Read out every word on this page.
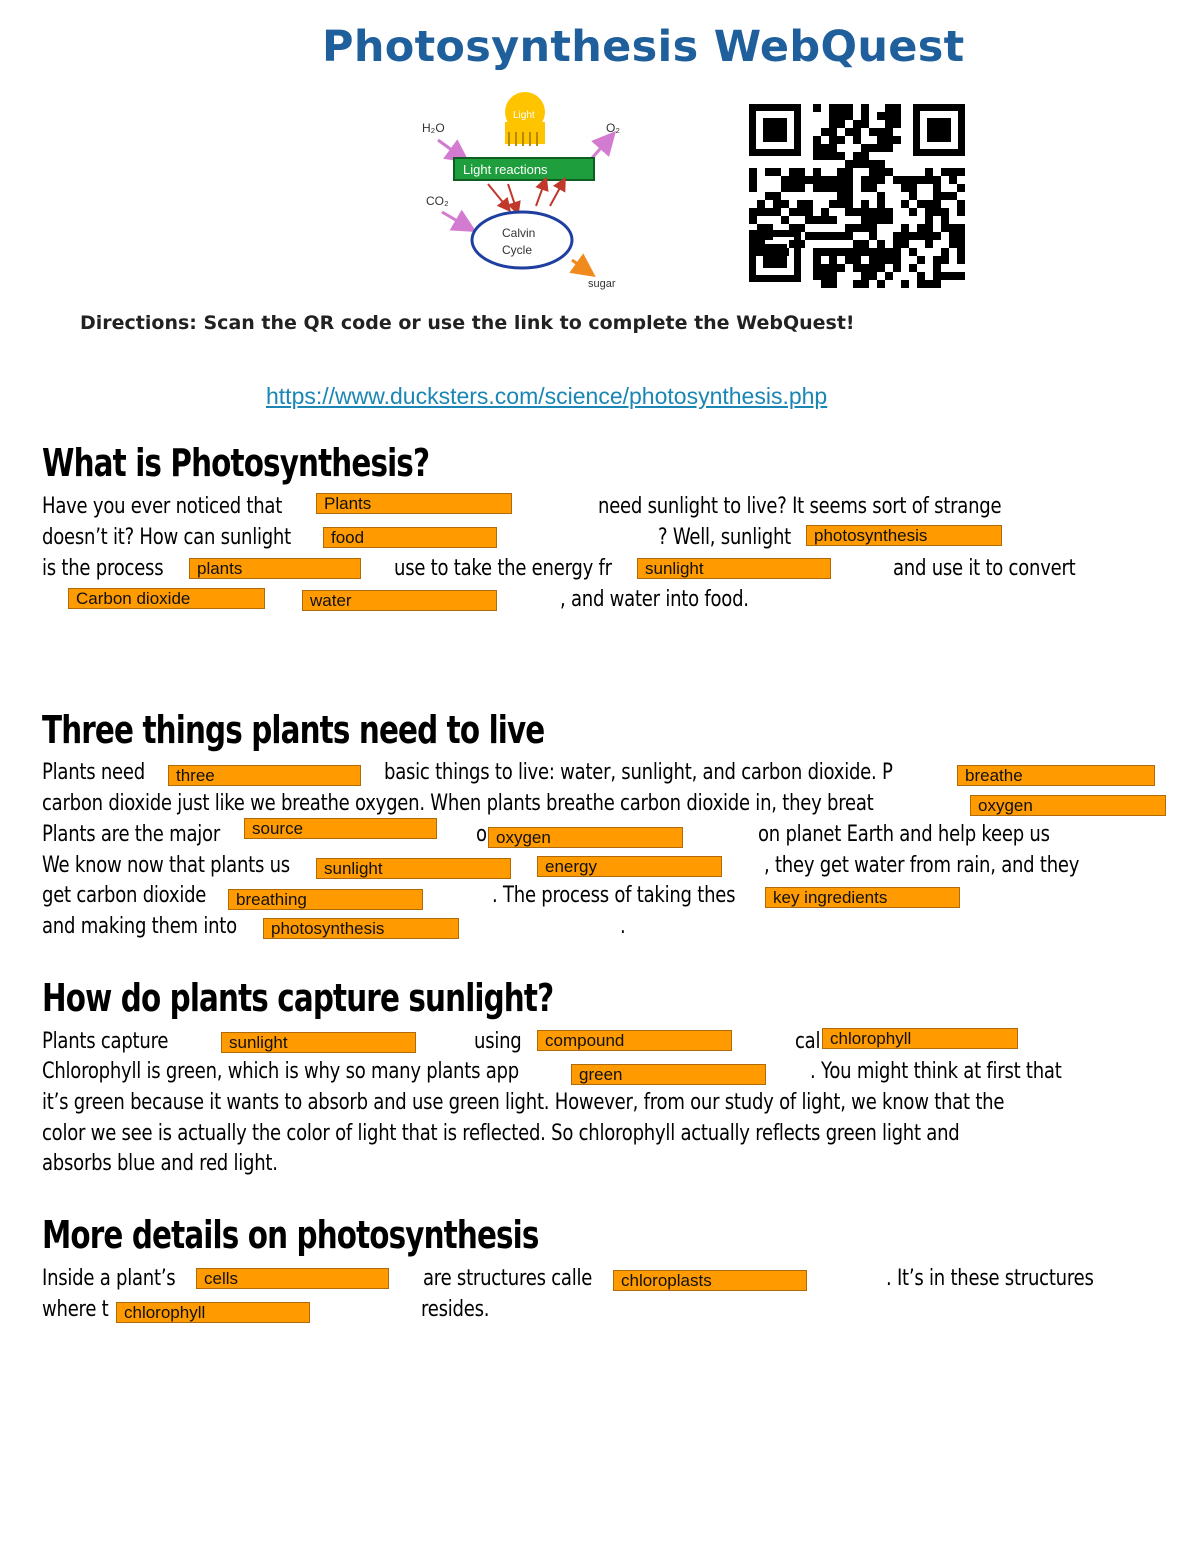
Photosynthesis WebQuest
Light
H₂O	O₂
Light reactions
CO₂
Calvin
Cycle
sugar
Directions: Scan the QR code or use the link to complete the WebQuest!
https://www.ducksters.com/science/photosynthesis.php
What is Photosynthesis?
Have you ever noticed that	need sunlight to live? It seems sort of strange
doesn’t it? How can sunlight	? Well, sunlight
is the process	use to take the energy fr	and use it to convert
, and water into food.
Plants
food	photosynthesis
plants	sunlight
Carbon dioxide	water
Three things plants need to live
Plants need	basic things to live: water, sunlight, and carbon dioxide. P
carbon dioxide just like we breathe oxygen. When plants breathe carbon dioxide in, they breat
Plants are the major	o	on planet Earth and help keep us
We know now that plants us	, they get water from rain, and they
get carbon dioxide	. The process of taking thes
and making them into	.
three	breathe
oxygen
source	oxygen
sunlight	energy
breathing	key ingredients
photosynthesis
How do plants capture sunlight?
Plants capture	using	cal
Chlorophyll is green, which is why so many plants app	. You might think at first that
it’s green because it wants to absorb and use green light. However, from our study of light, we know that the
color we see is actually the color of light that is reflected. So chlorophyll actually reflects green light and
absorbs blue and red light.
sunlight	compound	chlorophyll
green
More details on photosynthesis
Inside a plant’s	are structures calle	. It’s in these structures
where t	resides.
cells	chloroplasts
chlorophyll
